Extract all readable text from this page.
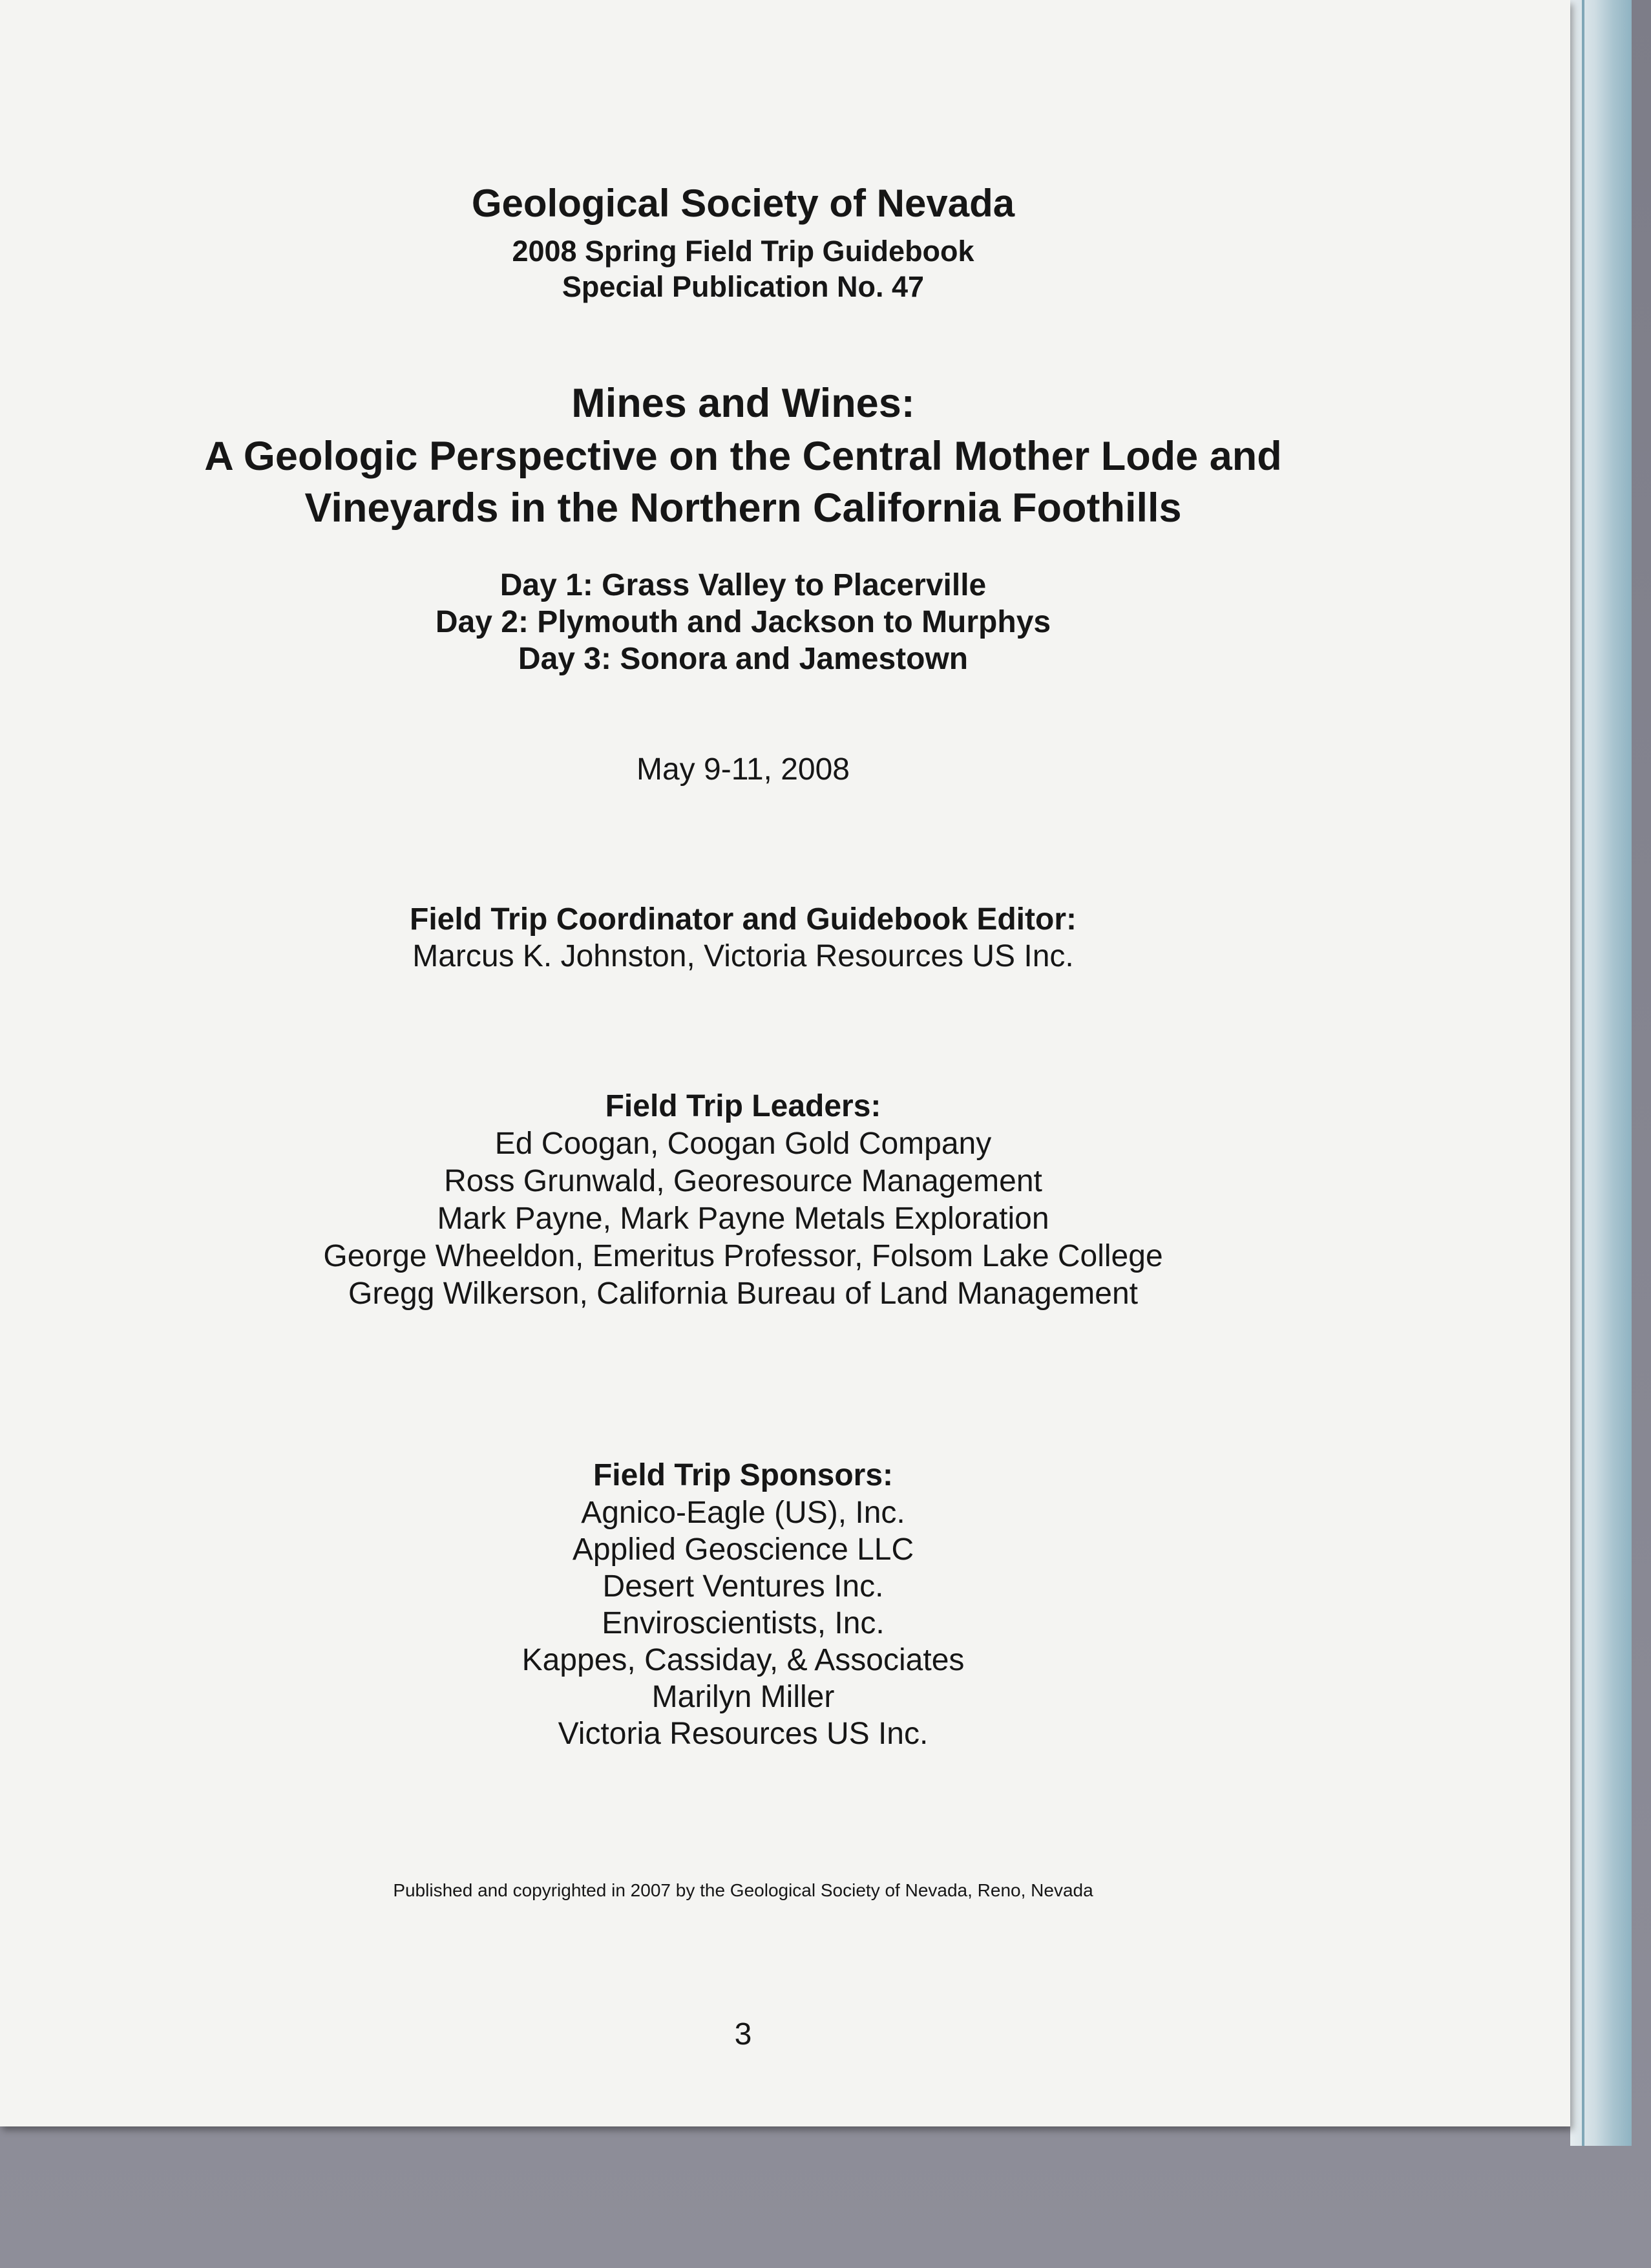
Geological Society of Nevada
2008 Spring Field Trip Guidebook
Special Publication No. 47
Mines and Wines:
A Geologic Perspective on the Central Mother Lode and
Vineyards in the Northern California Foothills
Day 1: Grass Valley to Placerville
Day 2: Plymouth and Jackson to Murphys
Day 3: Sonora and Jamestown
May 9-11, 2008
Field Trip Coordinator and Guidebook Editor:
Marcus K. Johnston, Victoria Resources US Inc.
Field Trip Leaders:
Ed Coogan, Coogan Gold Company
Ross Grunwald, Georesource Management
Mark Payne, Mark Payne Metals Exploration
George Wheeldon, Emeritus Professor, Folsom Lake College
Gregg Wilkerson, California Bureau of Land Management
Field Trip Sponsors:
Agnico-Eagle (US), Inc.
Applied Geoscience LLC
Desert Ventures Inc.
Enviroscientists, Inc.
Kappes, Cassiday, & Associates
Marilyn Miller
Victoria Resources US Inc.
Published and copyrighted in 2007 by the Geological Society of Nevada, Reno, Nevada
3
